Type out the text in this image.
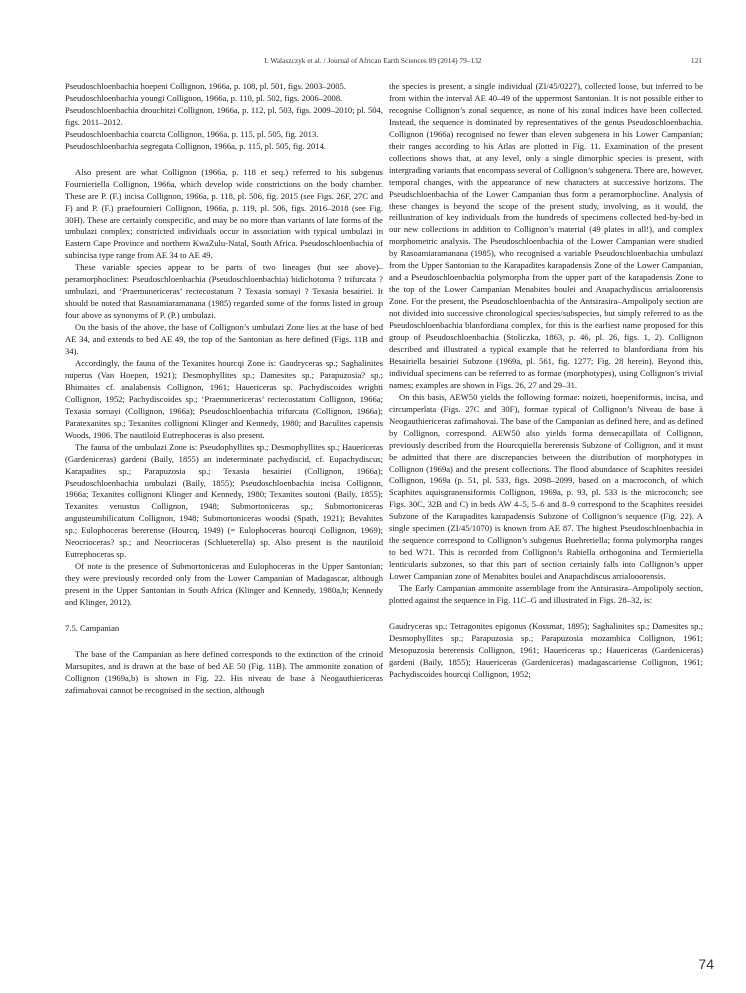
I. Walaszczyk et al. / Journal of African Earth Sciences 89 (2014) 79–132	121

Pseudoschloenbachia hoepeni Collignon, 1966a, p. 108, pl. 501, figs. 2003–2005.

Pseudoschloenbachia youngi Collignon, 1966a, p. 110, pl. 502, figs. 2006–2008.

Pseudoschloenbachia drouchitzi Collignon, 1966a, p. 112, pl. 503, figs. 2009–2010; pl. 504, figs. 2011–2012.

Pseudoschloenbachia coarcta Collignon, 1966a, p. 115, pl. 505, fig. 2013.

Pseudoschloenbachia segregata Collignon, 1966a, p. 115, pl. 505, fig. 2014.

Also present are what Collignon (1966a, p. 118 et seq.) referred to his subgenus Fournieriella Collignon, 1966a, which develop wide constrictions on the body chamber. These are P. (F.) incisa Collignon, 1966a, p. 118, pl. 506, fig. 2015 (see Figs. 26F, 27C and F) and P. (F.) praefournieri Collignon, 1966a, p. 119, pl. 506, figs. 2016–2018 (see Fig. 30H). These are certainly conspecific, and may be no more than variants of late forms of the umbulazi complex; constricted individuals occur in association with typical umbulazi in Eastern Cape Province and northern KwaZulu-Natal, South Africa. Pseudoschloenbachia of subincisa type range from AE 34 to AE 49.

These variable species appear to be parts of two lineages (but see above)–peramorphoclines: Pseudoschloenbachia (Pseudoschloenbachia) bidichotoma ? trifurcata ? umbulazi, and ‘Praemunericeras’ rectecostatum ? Texasia sornayi ? Texasia besairiei. It should be noted that Rasoamiaramanana (1985) regarded some of the forms listed in group four above as synonyms of P. (P.) umbulazi.

On the basis of the above, the base of Collignon’s umbulazi Zone lies at the base of bed AE 34, and extends to bed AE 49, the top of the Santonian as here defined (Figs. 11B and 34).

Accordingly, the fauna of the Texanites hourcqi Zone is: Gaudryceras sp.; Saghalinites nuperus (Van Hoepen, 1921); Desmophyllites sp.; Damesites sp.; Parapuzosia? sp.; Bhimaites cf. analabensis Collignon, 1961; Hauericeras sp. Pachydiscoides wrighti Collignon, 1952; Pachydiscoides sp.; ‘Praemunericeras’ rectecostatum Collignon, 1966a; Texasia sornayi (Collignon, 1966a); Pseudoschloenbachia trifurcata (Collignon, 1966a); Paratexanites sp.; Texanites collignoni Klinger and Kennedy, 1980; and Baculites capensis Woods, 1906. The nautiloid Eutrephoceras is also present.

The fauna of the umbulazi Zone is: Pseudophyllites sp.; Desmophyllites sp.; Hauericeras (Gardeniceras) gardeni (Baily, 1855) an indeterminate pachydiscid, cf. Eupachydiscus; Karapadites sp.; Parapuzosia sp.; Texasia besairiei (Collignon, 1966a); Pseudoschloenbachia umbulazi (Baily, 1855); Pseudoschloenbachia incisa Collignon, 1966a; Texanites collignoni Klinger and Kennedy, 1980; Texanites soutoni (Baily, 1855); Texanites venustus Collignon, 1948; Submortoniceras sp.; Submortoniceras angusteumbilicatum Collignon, 1948; Submortoniceras woodsi (Spath, 1921); Bevahites sp.; Eulophoceras bererense (Hourcq, 1949) (= Eulophoceras hourcqi Collignon, 1969); Neocrioceras? sp.; and Neocrioceras (Schlueterella) sp. Also present is the nautiloid Eutrephoceras sp.

Of note is the presence of Submortoniceras and Eulophoceras in the Upper Santonian; they were previously recorded only from the Lower Campanian of Madagascar, although present in the Upper Santonian in South Africa (Klinger and Kennedy, 1980a,b; Kennedy and Klinger, 2012).

7.5. Campanian

The base of the Campanian as here defined corresponds to the extinction of the crinoid Marsupites, and is drawn at the base of bed AE 50 (Fig. 11B). The ammonite zonation of Collignon (1969a,b) is shown in Fig. 22. His niveau de base à Neogauthiericeras zafimahovai cannot be recognised in the section, although

the species is present, a single individual (ZI/45/0227), collected loose, but inferred to be from within the interval AE 40–49 of the uppermost Santonian. It is not possible either to recognise Collignon’s zonal sequence, as none of his zonal indices have been collected. Instead, the sequence is dominated by representatives of the genus Pseudoschloenbachia. Collignon (1966a) recognised no fewer than eleven subgenera in his Lower Campanian; their ranges according to his Atlas are plotted in Fig. 11. Examination of the present collections shows that, at any level, only a single dimorphic species is present, with intergrading variants that encompass several of Collignon’s subgenera. There are, however, temporal changes, with the appearance of new characters at successive horizons. The Pseudschloenbachia of the Lower Campanian thus form a peramorphocline. Analysis of these changes is beyond the scope of the present study, involving, as it would, the reillustration of key individuals from the hundreds of specimens collected bed-by-bed in our new collections in addition to Collignon’s material (49 plates in all!), and complex morphometric analysis. The Pseudoschloenbachia of the Lower Campanian were studied by Rasoamiaramanana (1985), who recognised a variable Pseudoschloenbachia umbulazi from the Upper Santonian to the Karapadites karapadensis Zone of the Lower Campanian, and a Pseudoschloenbachia polymorpha from the upper part of the karapadensis Zone to the top of the Lower Campanian Menabites boulei and Anapachydiscus arrialoorensis Zone. For the present, the Pseudoschloenbachia of the Antsirasira–Ampolipoly section are not divided into successive chronological species/subspecies, but simply referred to as the Pseudoschloenbachia blanfordiana complex, for this is the earliest name proposed for this group of Pseudoschloenbachia (Stoliczka, 1863, p. 46, pl. 26, figs. 1, 2). Collignon described and illustrated a typical example that he referred to blanfordiana from his Besairiella besairiei Subzone (1969a, pl. 561, fig. 1277; Fig. 28 herein). Beyond this, individual specimens can be referred to as formae (morphotypes), using Collignon’s trivial names; examples are shown in Figs. 26, 27 and 29–31.

On this basis, AEW50 yields the following formae: noizeti, hoepeniformis, incisa, and circumperlata (Figs. 27C and 30F), formae typical of Collignon’s Niveau de base à Neogauthiericeras zafimahovai. The base of the Campanian as defined here, and as defined by Collignon, correspond. AEW50 also yields forma densecapillata of Collignon, previously described from the Hourcquiella bererensis Subzone of Collignon, and it must be admitted that there are discrepancies between the distribution of morphotypes in Collignon (1969a) and the present collections. The flood abundance of Scaphites reesidei Collignon, 1969a (p. 51, pl. 533, figs. 2098–2099, based on a macroconch, of which Scaphites aquisgranensiformis Collignon, 1969a, p. 93, pl. 533 is the microconch; see Figs. 30C, 32B and C) in beds AW 4–5, 5–6 and 8–9 correspond to the Scaphites reesidei Subzone of the Karapadites karapadensis Subzone of Collignon’s sequence (Fig. 22). A single specimen (ZI/45/1070) is known from AE 87. The highest Pseudoschloenbachia in the sequence correspond to Collignon’s subgenus Buehreriella; forma polymorpha ranges to bed W71. This is recorded from Collignon’s Rabiella orthogonina and Termieriella lenticularis subzones, so that this part of section certainly falls into Collignon’s upper Lower Campanian zone of Menabites boulei and Anapachdiscus arrialooorensis.

The Early Campanian ammonite assemblage from the Antsirasira–Ampolipoly section, plotted against the sequence in Fig. 11C–G and illustrated in Figs. 28–32, is:

Gaudryceras sp.; Tetragonites epigonus (Kossmat, 1895); Saghalinites sp.; Damesites sp.; Desmophyllites sp.; Parapuzosia sp.; Parapuzosia mozambica Collignon, 1961; Mesopuzosia bererensis Collignon, 1961; Hauericeras sp.; Hauericeras (Gardeniceras) gardeni (Baily, 1855); Hauericeras (Gardeniceras) madagascariense Collignon, 1961; Pachydiscoides hourcqi Collignon, 1952;

74
